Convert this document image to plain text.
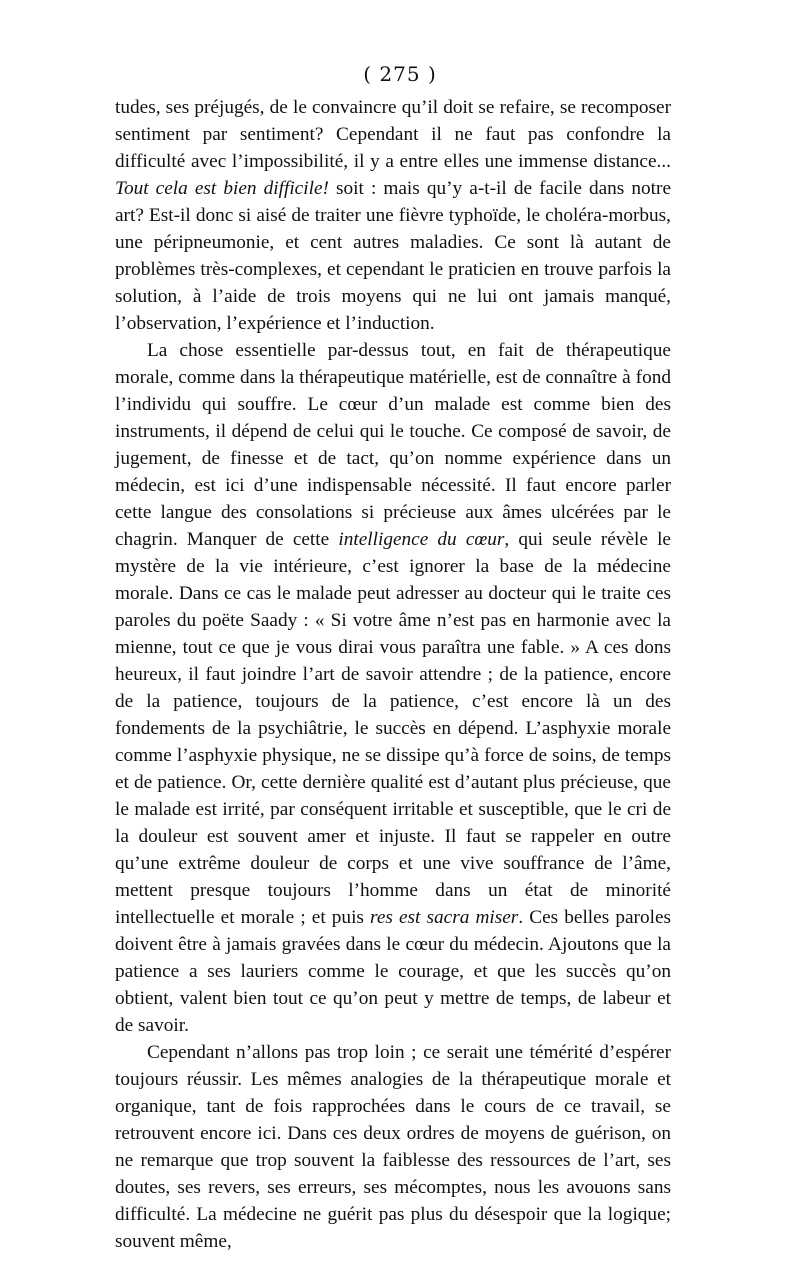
( 275 )

tudes, ses préjugés, de le convaincre qu’il doit se refaire, se recomposer sentiment par sentiment? Cependant il ne faut pas confondre la difficulté avec l’impossibilité, il y a entre elles une immense distance... Tout cela est bien difficile! soit : mais qu’y a-t-il de facile dans notre art? Est-il donc si aisé de traiter une fièvre typhoïde, le choléra-morbus, une péripneumonie, et cent autres maladies. Ce sont là autant de problèmes très-complexes, et cependant le praticien en trouve parfois la solution, à l’aide de trois moyens qui ne lui ont jamais manqué, l’observation, l’expérience et l’induction.

La chose essentielle par-dessus tout, en fait de thérapeutique morale, comme dans la thérapeutique matérielle, est de connaître à fond l’individu qui souffre. Le cœur d’un malade est comme bien des instruments, il dépend de celui qui le touche. Ce composé de savoir, de jugement, de finesse et de tact, qu’on nomme expérience dans un médecin, est ici d’une indispensable nécessité. Il faut encore parler cette langue des consolations si précieuse aux âmes ulcérées par le chagrin. Manquer de cette intelligence du cœur, qui seule révèle le mystère de la vie intérieure, c’est ignorer la base de la médecine morale. Dans ce cas le malade peut adresser au docteur qui le traite ces paroles du poëte Saady : « Si votre âme n’est pas en harmonie avec la mienne, tout ce que je vous dirai vous paraîtra une fable. » A ces dons heureux, il faut joindre l’art de savoir attendre ; de la patience, encore de la patience, toujours de la patience, c’est encore là un des fondements de la psychiâtrie, le succès en dépend. L’asphyxie morale comme l’asphyxie physique, ne se dissipe qu’à force de soins, de temps et de patience. Or, cette dernière qualité est d’autant plus précieuse, que le malade est irrité, par conséquent irritable et susceptible, que le cri de la douleur est souvent amer et injuste. Il faut se rappeler en outre qu’une extrême douleur de corps et une vive souffrance de l’âme, mettent presque toujours l’homme dans un état de minorité intellectuelle et morale ; et puis res est sacra miser. Ces belles paroles doivent être à jamais gravées dans le cœur du médecin. Ajoutons que la patience a ses lauriers comme le courage, et que les succès qu’on obtient, valent bien tout ce qu’on peut y mettre de temps, de labeur et de savoir.

Cependant n’allons pas trop loin ; ce serait une témérité d’espérer toujours réussir. Les mêmes analogies de la thérapeutique morale et organique, tant de fois rapprochées dans le cours de ce travail, se retrouvent encore ici. Dans ces deux ordres de moyens de guérison, on ne remarque que trop souvent la faiblesse des ressources de l’art, ses doutes, ses revers, ses erreurs, ses mécomptes, nous les avouons sans difficulté. La médecine ne guérit pas plus du désespoir que la logique; souvent même,
